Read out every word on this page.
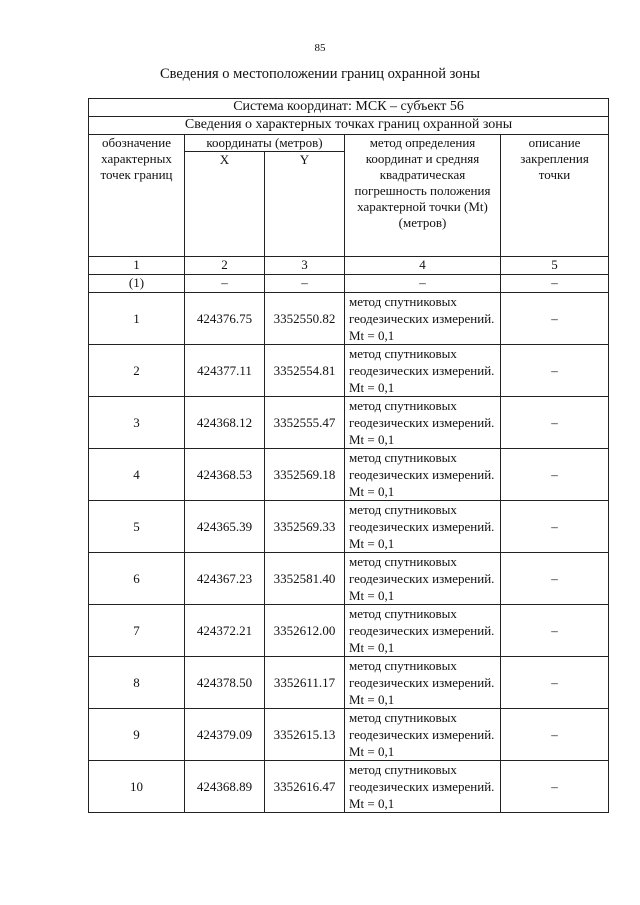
85
Сведения о местоположении границ охранной зоны
Система координат: МСК – субъект 56				
Сведения о характерных точках границ охранной зоны				
обозначение характерных точек границ	координаты (метров)		метод определения координат и средняя квадратическая погрешность положения характерной точки (Mt) (метров)	описание закрепления точки
	X	Y		
1	2	3	4	5
(1)	–	–	–	–
1	424376.75	3352550.82	метод спутниковых геодезических измерений. Mt = 0,1	–
2	424377.11	3352554.81	метод спутниковых геодезических измерений. Mt = 0,1	–
3	424368.12	3352555.47	метод спутниковых геодезических измерений. Mt = 0,1	–
4	424368.53	3352569.18	метод спутниковых геодезических измерений. Mt = 0,1	–
5	424365.39	3352569.33	метод спутниковых геодезических измерений. Mt = 0,1	–
6	424367.23	3352581.40	метод спутниковых геодезических измерений. Mt = 0,1	–
7	424372.21	3352612.00	метод спутниковых геодезических измерений. Mt = 0,1	–
8	424378.50	3352611.17	метод спутниковых геодезических измерений. Mt = 0,1	–
9	424379.09	3352615.13	метод спутниковых геодезических измерений. Mt = 0,1	–
10	424368.89	3352616.47	метод спутниковых геодезических измерений. Mt = 0,1	–
